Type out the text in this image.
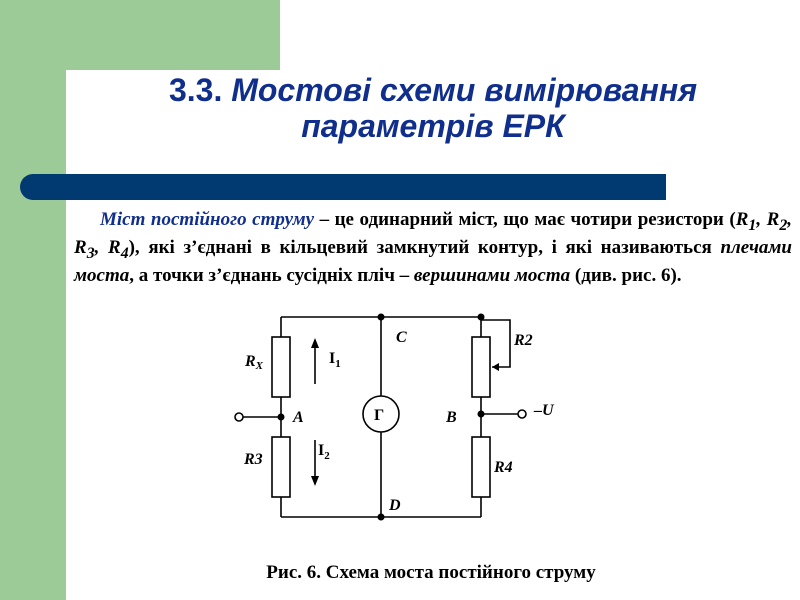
3.3. Мостові схеми вимірювання
параметрів ЕРК
Міст постійного струму – це одинарний міст, що має чотири резистори ($R_1$, $R_2$, $R_3$, $R_4$), які з’єднані в кільцевий замкнутий контур, і які називаються плечами моста, а точки з’єднань сусідніх пліч – вершинами моста (див. рис. 6).
RX
R3
R2
R4
$I_1$
$I_2$
A	B
C
D
Г	–U
Рис. 6. Схема моста постійного струму
